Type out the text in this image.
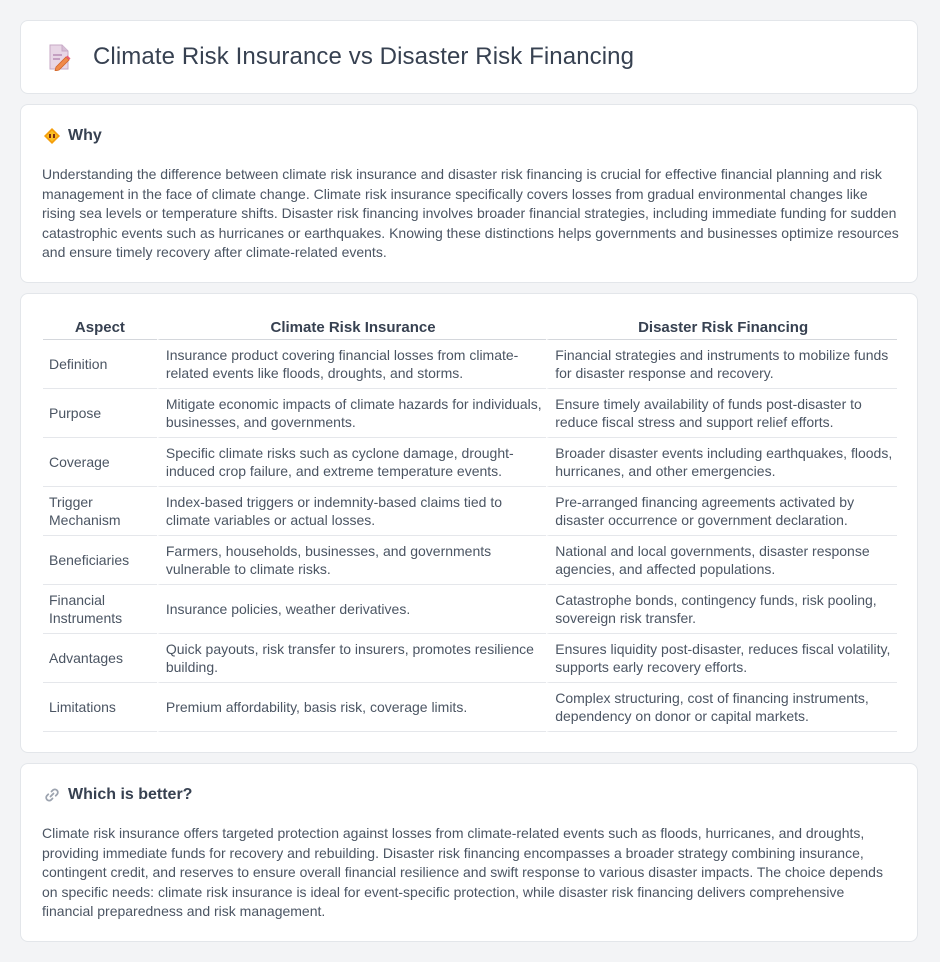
Climate Risk Insurance vs Disaster Risk Financing
Why
Understanding the difference between climate risk insurance and disaster risk financing is crucial for effective financial planning and risk management in the face of climate change. Climate risk insurance specifically covers losses from gradual environmental changes like rising sea levels or temperature shifts. Disaster risk financing involves broader financial strategies, including immediate funding for sudden catastrophic events such as hurricanes or earthquakes. Knowing these distinctions helps governments and businesses optimize resources and ensure timely recovery after climate-related events.
Aspect	Climate Risk Insurance	Disaster Risk Financing
Definition	Insurance product covering financial losses from climate-related events like floods, droughts, and storms.	Financial strategies and instruments to mobilize funds for disaster response and recovery.
Purpose	Mitigate economic impacts of climate hazards for individuals, businesses, and governments.	Ensure timely availability of funds post-disaster to reduce fiscal stress and support relief efforts.
Coverage	Specific climate risks such as cyclone damage, drought-induced crop failure, and extreme temperature events.	Broader disaster events including earthquakes, floods, hurricanes, and other emergencies.
Trigger Mechanism	Index-based triggers or indemnity-based claims tied to climate variables or actual losses.	Pre-arranged financing agreements activated by disaster occurrence or government declaration.
Beneficiaries	Farmers, households, businesses, and governments vulnerable to climate risks.	National and local governments, disaster response agencies, and affected populations.
Financial Instruments	Insurance policies, weather derivatives.	Catastrophe bonds, contingency funds, risk pooling, sovereign risk transfer.
Advantages	Quick payouts, risk transfer to insurers, promotes resilience building.	Ensures liquidity post-disaster, reduces fiscal volatility, supports early recovery efforts.
Limitations	Premium affordability, basis risk, coverage limits.	Complex structuring, cost of financing instruments, dependency on donor or capital markets.
Which is better?
Climate risk insurance offers targeted protection against losses from climate-related events such as floods, hurricanes, and droughts, providing immediate funds for recovery and rebuilding. Disaster risk financing encompasses a broader strategy combining insurance, contingent credit, and reserves to ensure overall financial resilience and swift response to various disaster impacts. The choice depends on specific needs: climate risk insurance is ideal for event-specific protection, while disaster risk financing delivers comprehensive financial preparedness and risk management.
